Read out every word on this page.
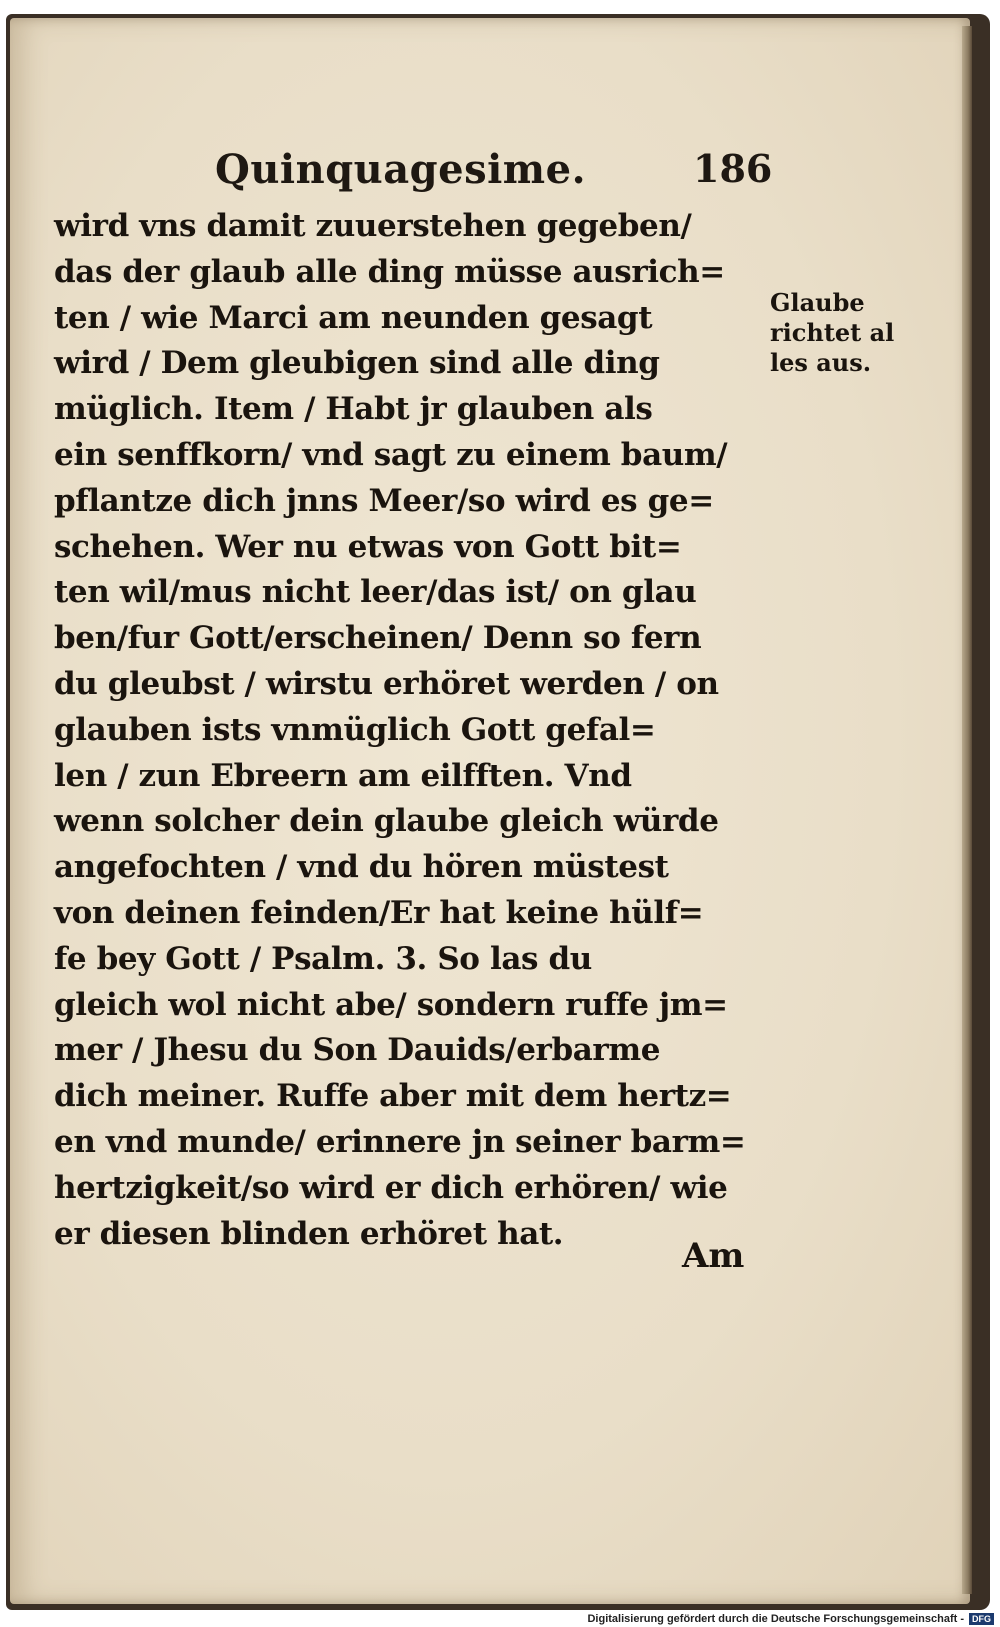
Quinquagesime.	186
wird vns damit zuuerstehen gegeben/
das der glaub alle ding müsse ausrich=
ten / wie Marci am neunden gesagt
wird / Dem gleubigen sind alle ding
müglich. Item / Habt jr glauben als
ein senffkorn/ vnd sagt zu einem baum/
pflantze dich jnns Meer/so wird es ge=
schehen. Wer nu etwas von Gott bit=
ten wil/mus nicht leer/das ist/ on glau
ben/fur Gott/erscheinen/ Denn so fern
du gleubst / wirstu erhöret werden / on
glauben ists vnmüglich Gott gefal=
len / zun Ebreern am eilfften. Vnd
wenn solcher dein glaube gleich würde
angefochten / vnd du hören müstest
von deinen feinden/Er hat keine hülf=
fe bey Gott / Psalm. 3. So las du
gleich wol nicht abe/ sondern ruffe jm=
mer / Jhesu du Son Dauids/erbarme
dich meiner. Ruffe aber mit dem hertz=
en vnd munde/ erinnere jn seiner barm=
hertzigkeit/so wird er dich erhören/ wie
er diesen blinden erhöret hat.
Glaube
richtet al
les aus.
Am
Digitalisierung gefördert durch die Deutsche Forschungsgemeinschaft - DFG
